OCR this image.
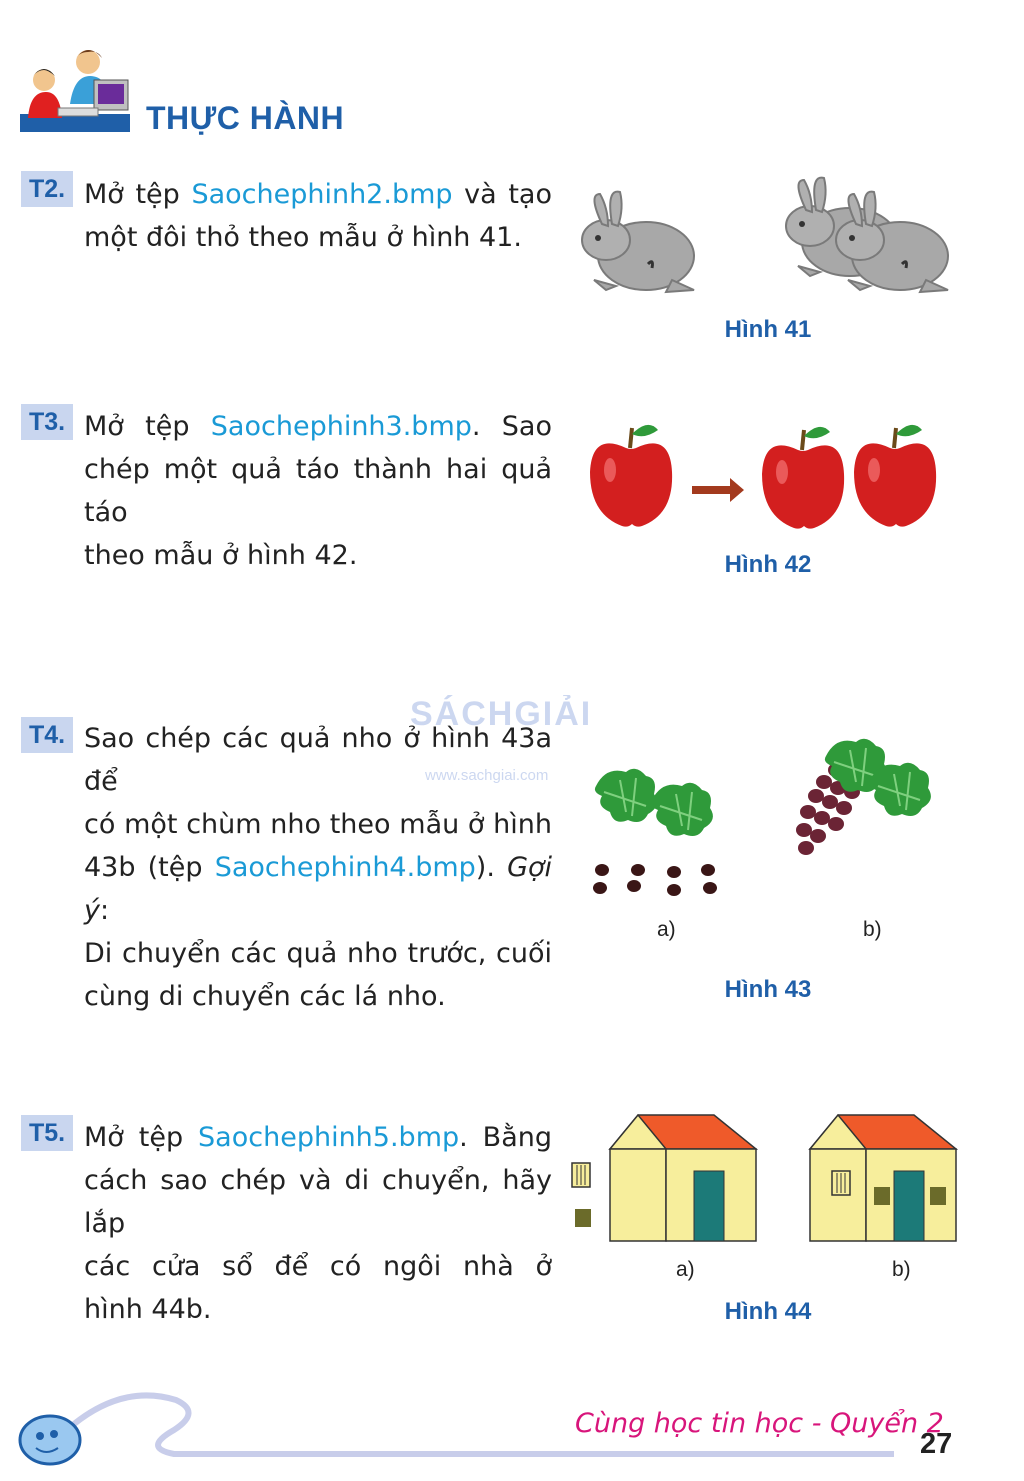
THỰC HÀNH
T2. Mở tệp Saochephinh2.bmp và tạo
một đôi thỏ theo mẫu ở hình 41.
Hình 41
T3. Mở tệp Saochephinh3.bmp. Sao
chép một quả táo thành hai quả táo
theo mẫu ở hình 42.	Hình 42
SÁCHGIẢI
www.sachgiai.com
T4. Sao chép các quả nho ở hình 43a để
có một chùm nho theo mẫu ở hình
43b (tệp Saochephinh4.bmp). Gợi ý:
Di chuyển các quả nho trước, cuối
cùng di chuyển các lá nho.
a)	b)
Hình 43
T5. Mở tệp Saochephinh5.bmp. Bằng
cách sao chép và di chuyển, hãy lắp
các cửa sổ để có ngôi nhà ở
hình 44b.
a)	b)
Hình 44
Cùng học tin học - Quyển 2
27
